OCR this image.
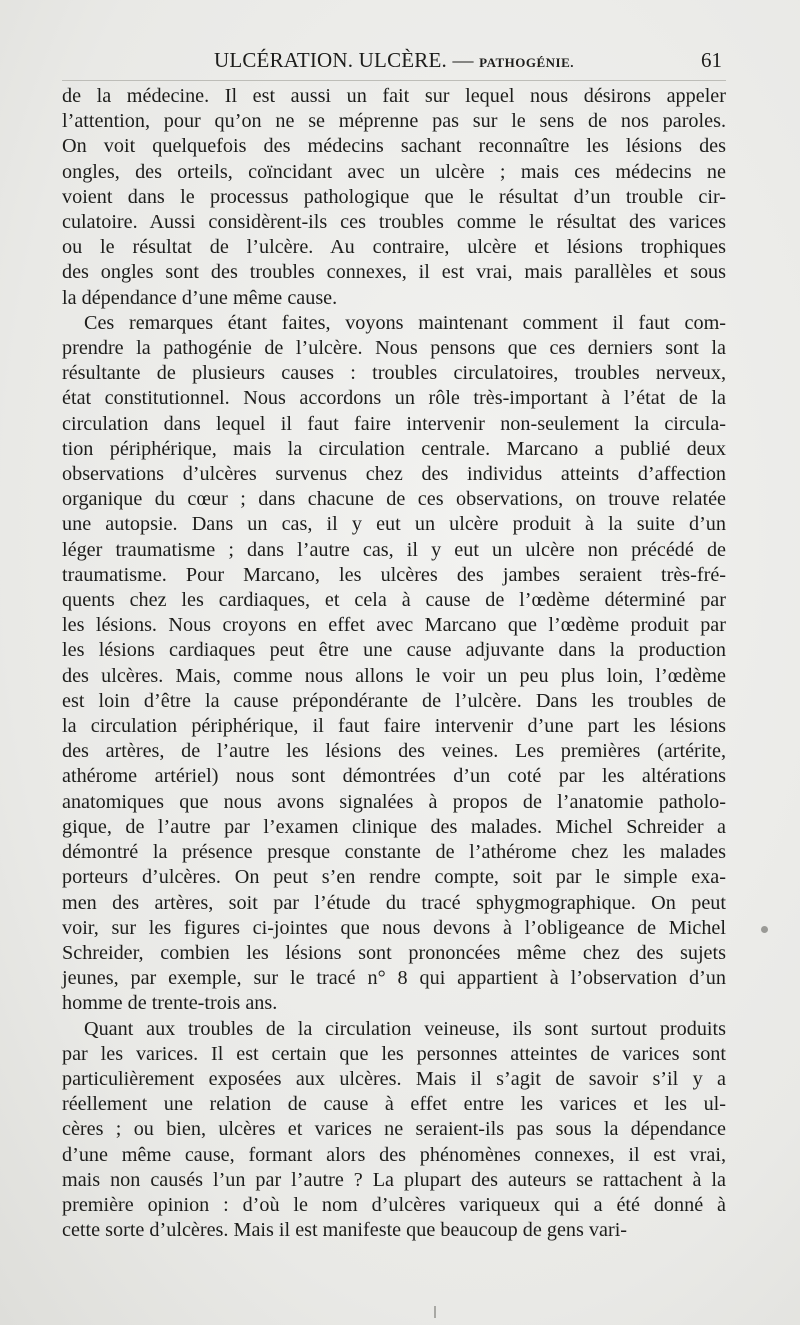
ULCÉRATION. ULCÈRE. — PATHOGÉNIE.	61
de la médecine. Il est aussi un fait sur lequel nous désirons appeler
l’attention, pour qu’on ne se méprenne pas sur le sens de nos paroles.
On voit quelquefois des médecins sachant reconnaître les lésions des
ongles, des orteils, coïncidant avec un ulcère ; mais ces médecins ne
voient dans le processus pathologique que le résultat d’un trouble cir-
culatoire. Aussi considèrent-ils ces troubles comme le résultat des varices
ou le résultat de l’ulcère. Au contraire, ulcère et lésions trophiques
des ongles sont des troubles connexes, il est vrai, mais parallèles et sous
la dépendance d’une même cause.
Ces remarques étant faites, voyons maintenant comment il faut com-
prendre la pathogénie de l’ulcère. Nous pensons que ces derniers sont la
résultante de plusieurs causes : troubles circulatoires, troubles nerveux,
état constitutionnel. Nous accordons un rôle très-important à l’état de la
circulation dans lequel il faut faire intervenir non-seulement la circula-
tion périphérique, mais la circulation centrale. Marcano a publié deux
observations d’ulcères survenus chez des individus atteints d’affection
organique du cœur ; dans chacune de ces observations, on trouve relatée
une autopsie. Dans un cas, il y eut un ulcère produit à la suite d’un
léger traumatisme ; dans l’autre cas, il y eut un ulcère non précédé de
traumatisme. Pour Marcano, les ulcères des jambes seraient très-fré-
quents chez les cardiaques, et cela à cause de l’œdème déterminé par
les lésions. Nous croyons en effet avec Marcano que l’œdème produit par
les lésions cardiaques peut être une cause adjuvante dans la production
des ulcères. Mais, comme nous allons le voir un peu plus loin, l’œdème
est loin d’être la cause prépondérante de l’ulcère. Dans les troubles de
la circulation périphérique, il faut faire intervenir d’une part les lésions
des artères, de l’autre les lésions des veines. Les premières (artérite,
athérome artériel) nous sont démontrées d’un coté par les altérations
anatomiques que nous avons signalées à propos de l’anatomie patholo-
gique, de l’autre par l’examen clinique des malades. Michel Schreider a
démontré la présence presque constante de l’athérome chez les malades
porteurs d’ulcères. On peut s’en rendre compte, soit par le simple exa-
men des artères, soit par l’étude du tracé sphygmographique. On peut
voir, sur les figures ci-jointes que nous devons à l’obligeance de Michel
Schreider, combien les lésions sont prononcées même chez des sujets
jeunes, par exemple, sur le tracé n° 8 qui appartient à l’observation d’un
homme de trente-trois ans.
Quant aux troubles de la circulation veineuse, ils sont surtout produits
par les varices. Il est certain que les personnes atteintes de varices sont
particulièrement exposées aux ulcères. Mais il s’agit de savoir s’il y a
réellement une relation de cause à effet entre les varices et les ul-
cères ; ou bien, ulcères et varices ne seraient-ils pas sous la dépendance
d’une même cause, formant alors des phénomènes connexes, il est vrai,
mais non causés l’un par l’autre ? La plupart des auteurs se rattachent à la
première opinion : d’où le nom d’ulcères variqueux qui a été donné à
cette sorte d’ulcères. Mais il est manifeste que beaucoup de gens vari-
